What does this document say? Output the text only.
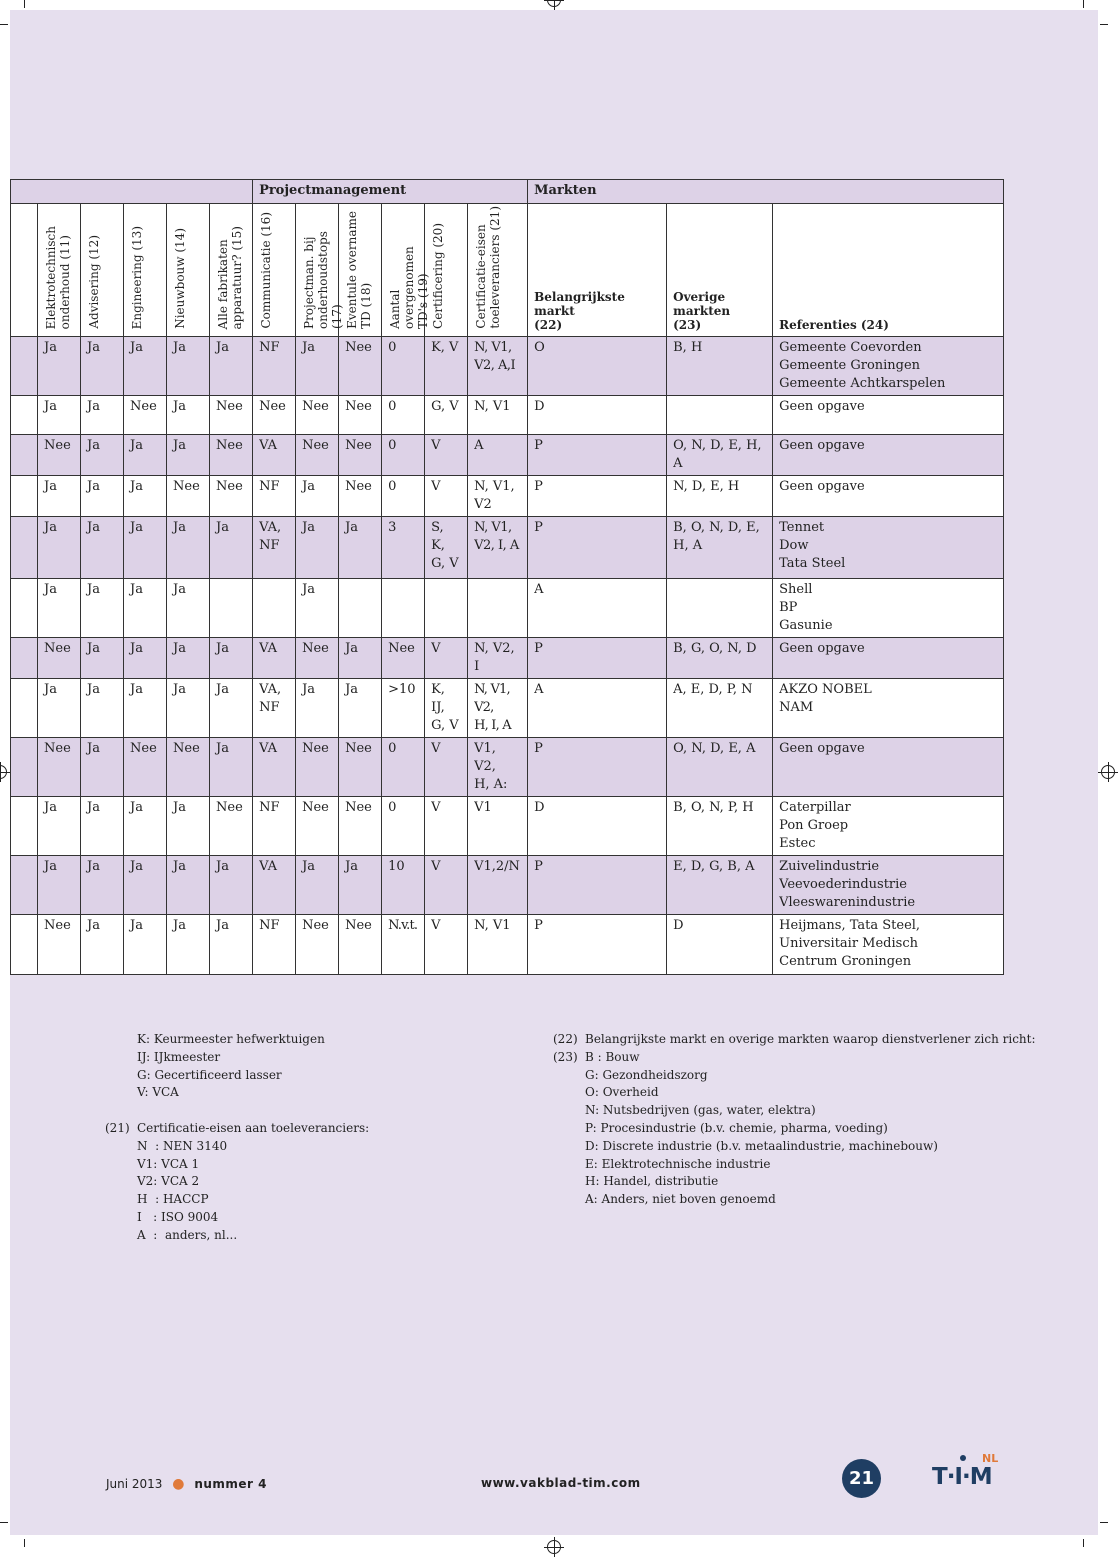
						Projectmanagement						Markten		

	Elektrotechnisch
onderhoud (11)	Advisering (12)	Engineering (13)	Nieuwbouw (14)	Alle fabrikaten
apparatuur? (15)	Communicatie (16)	Projectman. bij
onderhoudstops (17)	Eventule overname
TD (18)	Aantal overgenomen
TD's (19)	Certificering (20)	Certificatie-eisen
toeleveranciers (21)	Belangrijkste markt
(22)	Overige markten
(23)	Referenties (24)

	Ja	Ja	Ja	Ja	Ja	NF	Ja	Nee	0	K, V	N, V1,
V2, A,I	O	B, H	Gemeente Coevorden
Gemeente Groningen
Gemeente Achtkarspelen
	Ja	Ja	Nee	Ja	Nee	Nee	Nee	Nee	0	G, V	N, V1	D		Geen opgave
	Nee	Ja	Ja	Ja	Nee	VA	Nee	Nee	0	V	A	P	O, N, D, E, H,
A	Geen opgave
	Ja	Ja	Ja	Nee	Nee	NF	Ja	Nee	0	V	N, V1,
V2	P	N, D, E, H	Geen opgave
	Ja	Ja	Ja	Ja	Ja	VA,
NF	Ja	Ja	3	S, K,
G, V	N, V1,
V2, I, A	P	B, O, N, D, E,
H, A	Tennet
Dow
Tata Steel
	Ja	Ja	Ja	Ja			Ja					A		Shell
BP
Gasunie
	Nee	Ja	Ja	Ja	Ja	VA	Nee	Ja	Nee	V	N, V2, I	P	B, G, O, N, D	Geen opgave
	Ja	Ja	Ja	Ja	Ja	VA,
NF	Ja	Ja	>10	K, IJ,
G, V	N, V1, V2,
H, I, A	A	A, E, D, P, N	AKZO NOBEL
NAM
	Nee	Ja	Nee	Nee	Ja	VA	Nee	Nee	0	V	V1, V2,
H, A:	P	O, N, D, E, A	Geen opgave
	Ja	Ja	Ja	Ja	Nee	NF	Nee	Nee	0	V	V1	D	B, O, N, P, H	Caterpillar
Pon Groep
Estec
	Ja	Ja	Ja	Ja	Ja	VA	Ja	Ja	10	V	V1,2/N	P	E, D, G, B, A	Zuivelindustrie
Veevoederindustrie
Vleeswarenindustrie
	Nee	Ja	Ja	Ja	Ja	NF	Nee	Nee	N.v.t.	V	N, V1	P	D	Heijmans, Tata Steel,
Universitair Medisch
Centrum Groningen
K: Keurmeester hefwerktuigen
IJ: IJkmeester
G: Gecertificeerd lasser
V: VCA
(21) Certificatie-eisen aan toeleveranciers:
N  : NEN 3140
V1: VCA 1
V2: VCA 2
H  : HACCP
I   : ISO 9004
A  :  anders, nl...
(22)
(23)
Belangrijkste markt en overige markten waarop dienstverlener zich richt:
B : Bouw
G: Gezondheidszorg
O: Overheid
N: Nutsbedrijven (gas, water, elektra)
P: Procesindustrie (b.v. chemie, pharma, voeding)
D: Discrete industrie (b.v. metaalindustrie, machinebouw)
E: Elektrotechnische industrie
H: Handel, distributie
A: Anders, niet boven genoemd
Juni 2013 ● nummer 4	www.vakblad-tim.com	21
NL
T·I·M
